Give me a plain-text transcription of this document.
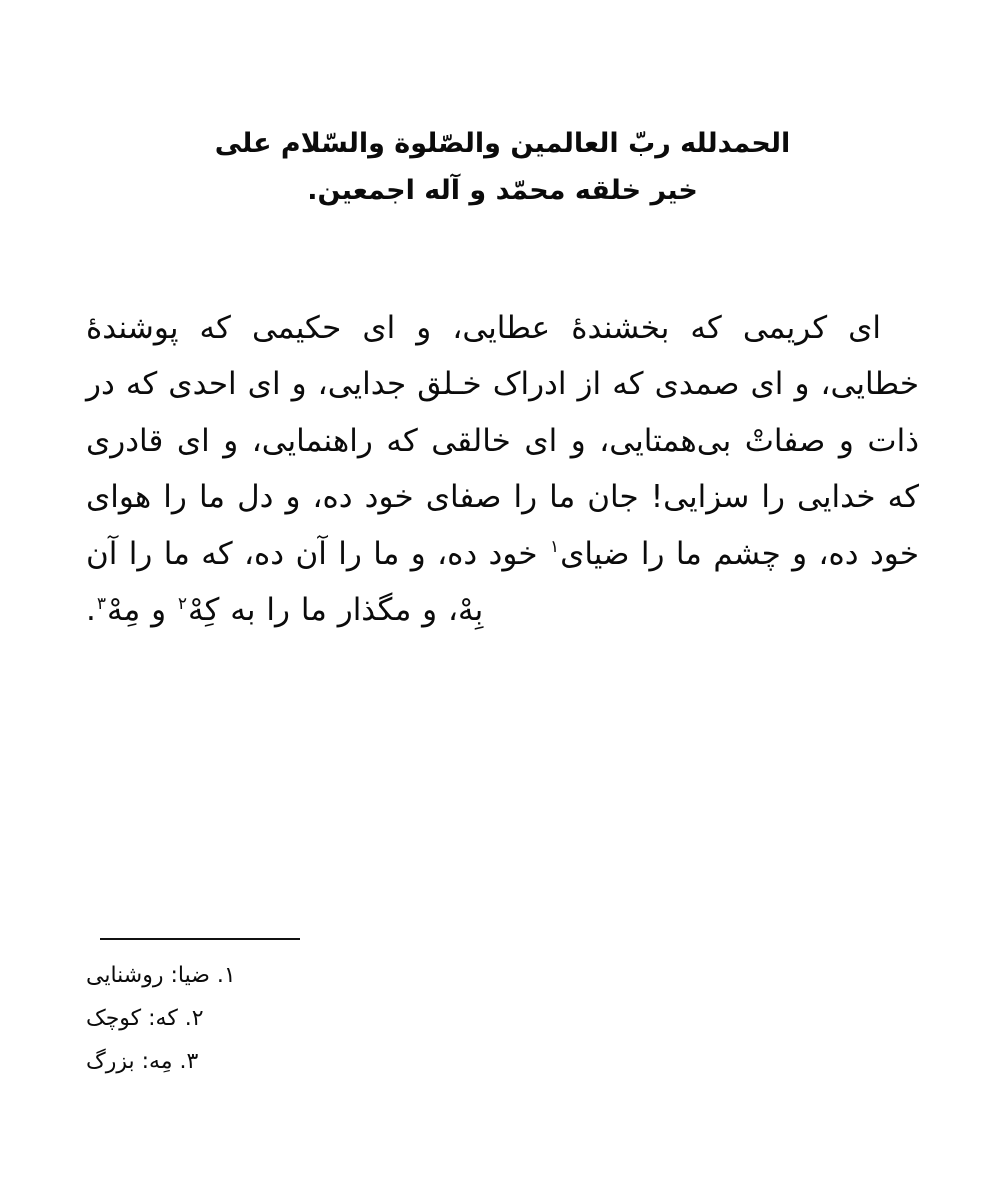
الحمدلله ربّ العالمين والصّلوة والسّلام على
خير خلقه محمّد و آله اجمعين.

ای کریمی که بخشندۀ عطایی، و ای حکیمی که پوشندۀ خطایی، و ای صمدی که از ادراک خـلق جدایی، و ای احدی که در ذات و صفاتْ بی‌همتایی، و ای خالقی که راهنمایی، و ای قادری که خدایی را سزایی! جان ما را صفای خود ده، و دل ما را هوای خود ده، و چشم ما را ضیای$^۱$ خود ده، و ما را آن ده، که ما را آن بِهْ، و مگذار ما را به کِهْ$^۲$ و مِهْ$^۳$.

۱. ضيا: روشنایی
۲. که: کوچک
۳. مِه: بزرگ
